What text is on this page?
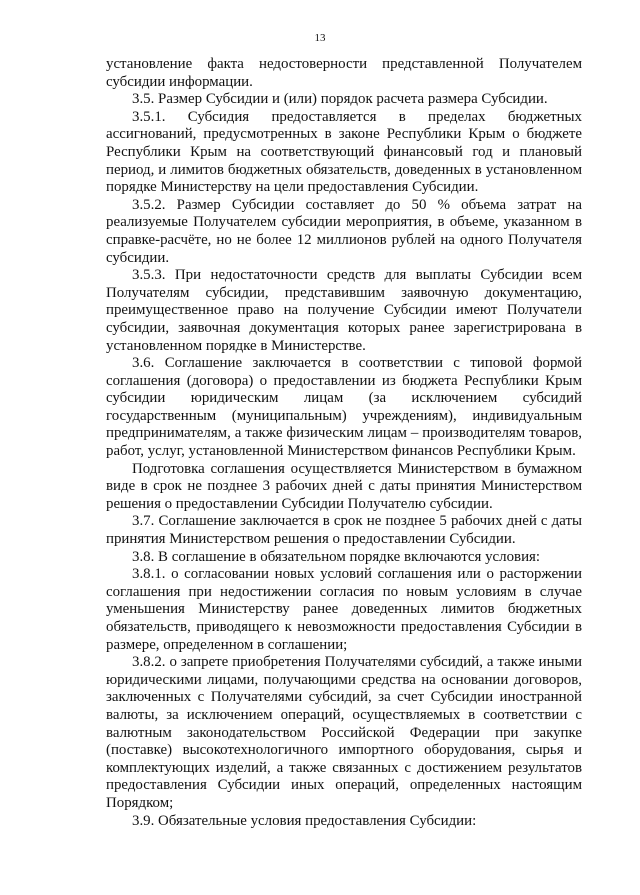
13

установление факта недостоверности представленной Получателем субсидии информации.

3.5. Размер Субсидии и (или) порядок расчета размера Субсидии.

3.5.1. Субсидия предоставляется в пределах бюджетных ассигнований, предусмотренных в законе Республики Крым о бюджете Республики Крым на соответствующий финансовый год и плановый период, и лимитов бюджетных обязательств, доведенных в установленном порядке Министерству на цели предоставления Субсидии.

3.5.2. Размер Субсидии составляет до 50 % объема затрат на реализуемые Получателем субсидии мероприятия, в объеме, указанном в справке-расчёте, но не более 12 миллионов рублей на одного Получателя субсидии.

3.5.3. При недостаточности средств для выплаты Субсидии всем Получателям субсидии, представившим заявочную документацию, преимущественное право на получение Субсидии имеют Получатели субсидии, заявочная документация которых ранее зарегистрирована в установленном порядке в Министерстве.

3.6. Соглашение заключается в соответствии с типовой формой соглашения (договора) о предоставлении из бюджета Республики Крым субсидии юридическим лицам (за исключением субсидий государственным (муниципальным) учреждениям), индивидуальным предпринимателям, а также физическим лицам – производителям товаров, работ, услуг, установленной Министерством финансов Республики Крым.

Подготовка соглашения осуществляется Министерством в бумажном виде в срок не позднее 3 рабочих дней с даты принятия Министерством решения о предоставлении Субсидии Получателю субсидии.

3.7. Соглашение заключается в срок не позднее 5 рабочих дней с даты принятия Министерством решения о предоставлении Субсидии.

3.8. В соглашение в обязательном порядке включаются условия:

3.8.1. о согласовании новых условий соглашения или о расторжении соглашения при недостижении согласия по новым условиям в случае уменьшения Министерству ранее доведенных лимитов бюджетных обязательств, приводящего к невозможности предоставления Субсидии в размере, определенном в соглашении;

3.8.2. о запрете приобретения Получателями субсидий, а также иными юридическими лицами, получающими средства на основании договоров, заключенных с Получателями субсидий, за счет Субсидии иностранной валюты, за исключением операций, осуществляемых в соответствии с валютным законодательством Российской Федерации при закупке (поставке) высокотехнологичного импортного оборудования, сырья и комплектующих изделий, а также связанных с достижением результатов предоставления Субсидии иных операций, определенных настоящим Порядком;

3.9. Обязательные условия предоставления Субсидии:
